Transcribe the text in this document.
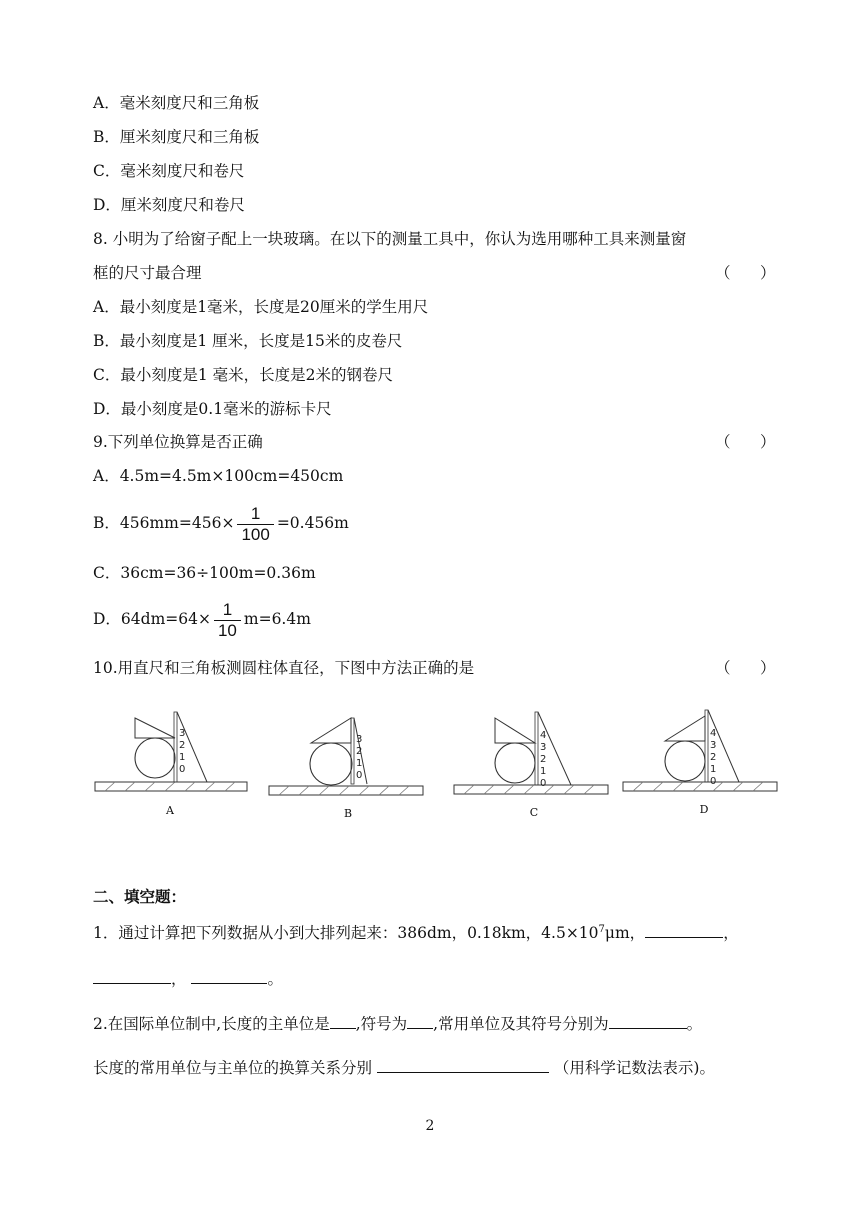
A．毫米刻度尺和三角板
B．厘米刻度尺和三角板
C．毫米刻度尺和卷尺
D．厘米刻度尺和卷尺
8. 小明为了给窗子配上一块玻璃。在以下的测量工具中，你认为选用哪种工具来测量窗
框的尺寸最合理	（      ）
A．最小刻度是1毫米，长度是20厘米的学生用尺
B．最小刻度是1 厘米，长度是15米的皮卷尺
C．最小刻度是1 毫米，长度是2米的钢卷尺
D．最小刻度是0.1毫米的游标卡尺
9.下列单位换算是否正确	（      ）
A．4.5m=4.5m×100cm=450cm
B．$456mm=456\times \frac{1}{100} =0.456m$
C．36cm=36÷100m=0.36m
D．$64dm=64\times \frac{1}{10} m=6.4m$
10.用直尺和三角板测圆柱体直径，下图中方法正确的是	（      ）
3
2
1
0
A
3
2
1
0
B
4
3
2
1
0
C
4
3
2
1
0
D
二、填空题：
1．通过计算把下列数据从小到大排列起来：386dm，0.18km，$4.5\times 10^7\mu m$，	，
，	。
2.在国际单位制中,长度的主单位是 ,符号为 ,常用单位及其符号分别为	。
长度的常用单位与主单位的换算关系分别	（用科学记数法表示)。
2
